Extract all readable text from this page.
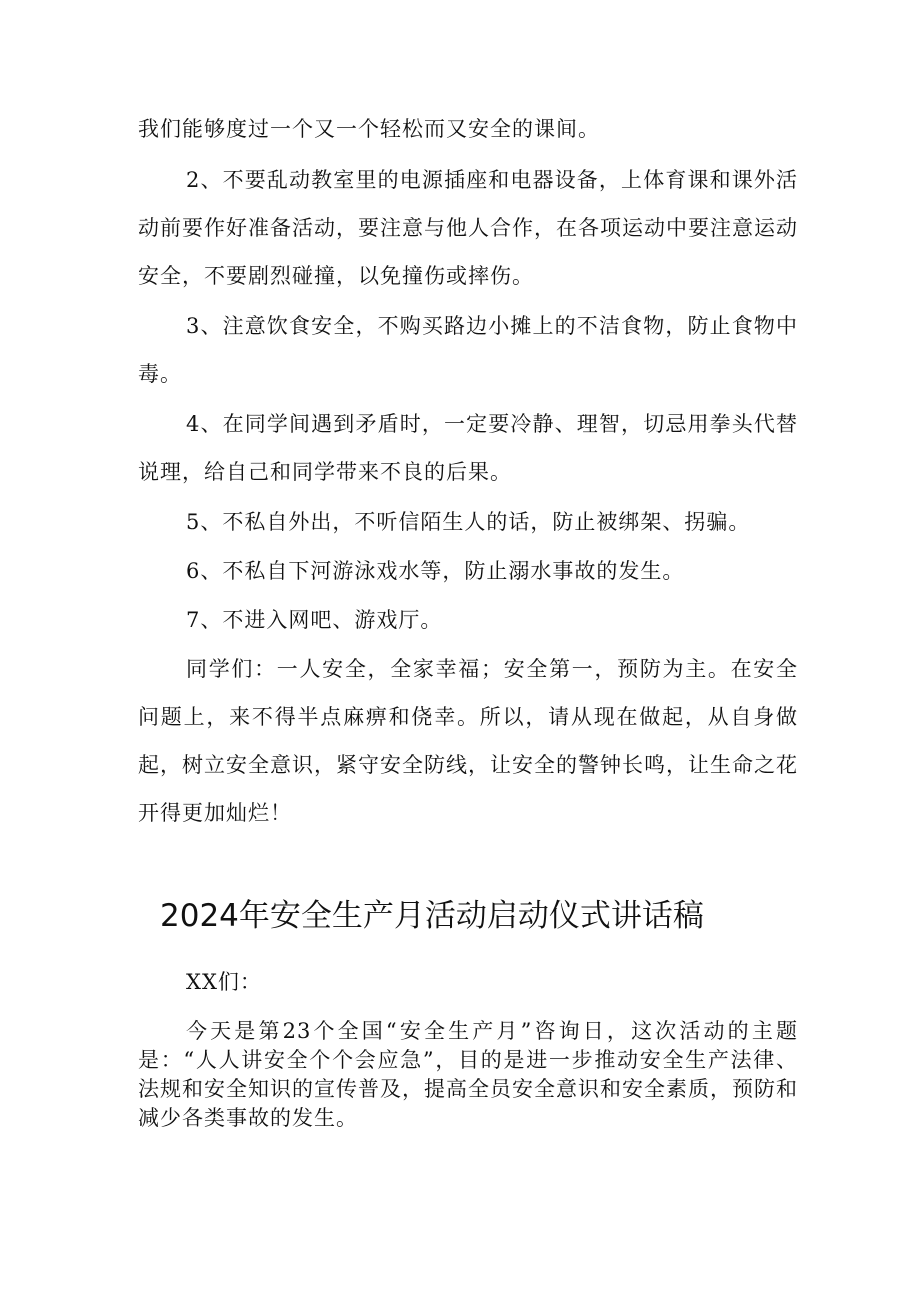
我们能够度过一个又一个轻松而又安全的课间。

2、不要乱动教室里的电源插座和电器设备，上体育课和课外活动前要作好准备活动，要注意与他人合作，在各项运动中要注意运动安全，不要剧烈碰撞，以免撞伤或摔伤。

3、注意饮食安全，不购买路边小摊上的不洁食物，防止食物中毒。

4、在同学间遇到矛盾时，一定要冷静、理智，切忌用拳头代替说理，给自己和同学带来不良的后果。

5、不私自外出，不听信陌生人的话，防止被绑架、拐骗。

6、不私自下河游泳戏水等，防止溺水事故的发生。

7、不进入网吧、游戏厅。

同学们：一人安全，全家幸福；安全第一，预防为主。在安全问题上，来不得半点麻痹和侥幸。所以，请从现在做起，从自身做起，树立安全意识，紧守安全防线，让安全的警钟长鸣，让生命之花开得更加灿烂！

2024年安全生产月活动启动仪式讲话稿

XX们：

今天是第23个全国“安全生产月”咨询日，这次活动的主题是：“人人讲安全个个会应急”，目的是进一步推动安全生产法律、法规和安全知识的宣传普及，提高全员安全意识和安全素质，预防和减少各类事故的发生。
